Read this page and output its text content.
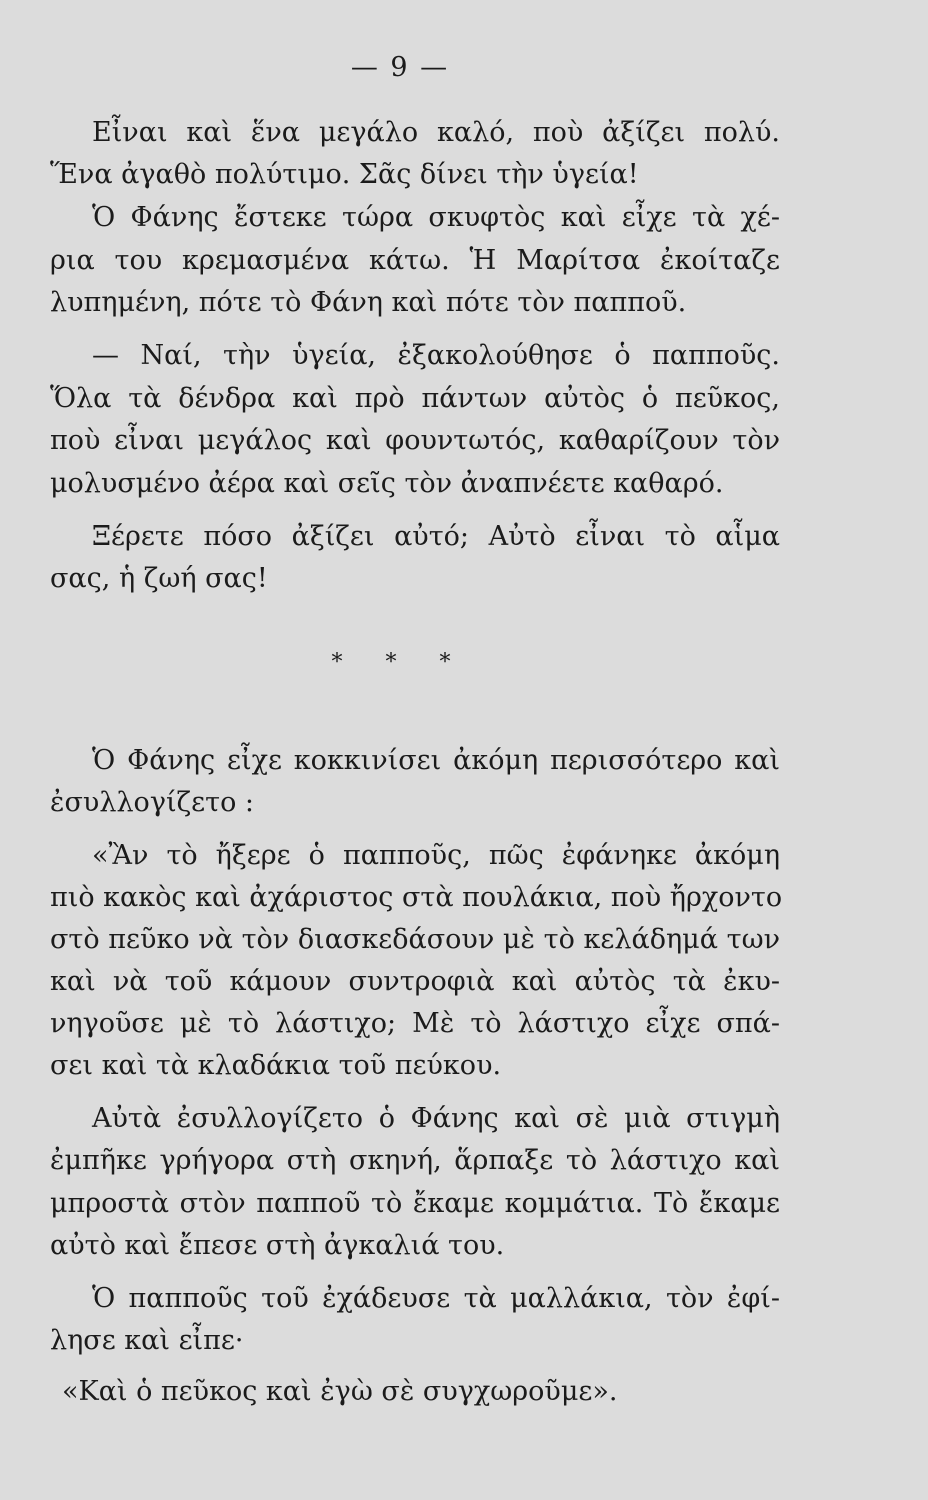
— 9 —
Εἶναι καὶ ἕνα μεγάλο καλό, ποὺ ἀξίζει πολύ.
Ἕνα ἀγαθὸ πολύτιμο. Σᾶς δίνει τὴν ὑγεία!
Ὁ Φάνης ἔστεκε τώρα σκυφτὸς καὶ εἶχε τὰ χέ-
ρια του κρεμασμένα κάτω. Ἡ Μαρίτσα ἐκοίταζε
λυπημένη, πότε τὸ Φάνη καὶ πότε τὸν παπποῦ.
— Ναί, τὴν ὑγεία, ἐξακολούθησε ὁ παπποῦς.
Ὅλα τὰ δένδρα καὶ πρὸ πάντων αὐτὸς ὁ πεῦκος,
ποὺ εἶναι μεγάλος καὶ φουντωτός, καθαρίζουν τὸν
μολυσμένο ἀέρα καὶ σεῖς τὸν ἀναπνέετε καθαρό.
Ξέρετε πόσο ἀξίζει αὐτό; Αὐτὸ εἶναι τὸ αἷμα
σας, ἡ ζωή σας!
* * *
Ὁ Φάνης εἶχε κοκκινίσει ἀκόμη περισσότερο καὶ
ἐσυλλογίζετο :
«Ἂν τὸ ἤξερε ὁ παπποῦς, πῶς ἐφάνηκε ἀκόμη
πιὸ κακὸς καὶ ἀχάριστος στὰ πουλάκια, ποὺ ἤρχοντο
στὸ πεῦκο νὰ τὸν διασκεδάσουν μὲ τὸ κελάδημά των
καὶ νὰ τοῦ κάμουν συντροφιὰ καὶ αὐτὸς τὰ ἐκυ-
νηγοῦσε μὲ τὸ λάστιχο; Μὲ τὸ λάστιχο εἶχε σπά-
σει καὶ τὰ κλαδάκια τοῦ πεύκου.
Αὐτὰ ἐσυλλογίζετο ὁ Φάνης καὶ σὲ μιὰ στιγμὴ
ἐμπῆκε γρήγορα στὴ σκηνή, ἅρπαξε τὸ λάστιχο καὶ
μπροστὰ στὸν παπποῦ τὸ ἔκαμε κομμάτια. Τὸ ἔκαμε
αὐτὸ καὶ ἔπεσε στὴ ἀγκαλιά του.
Ὁ παπποῦς τοῦ ἐχάδευσε τὰ μαλλάκια, τὸν ἐφί-
λησε καὶ εἶπε·
«Καὶ ὁ πεῦκος καὶ ἐγὼ σὲ συγχωροῦμε».
